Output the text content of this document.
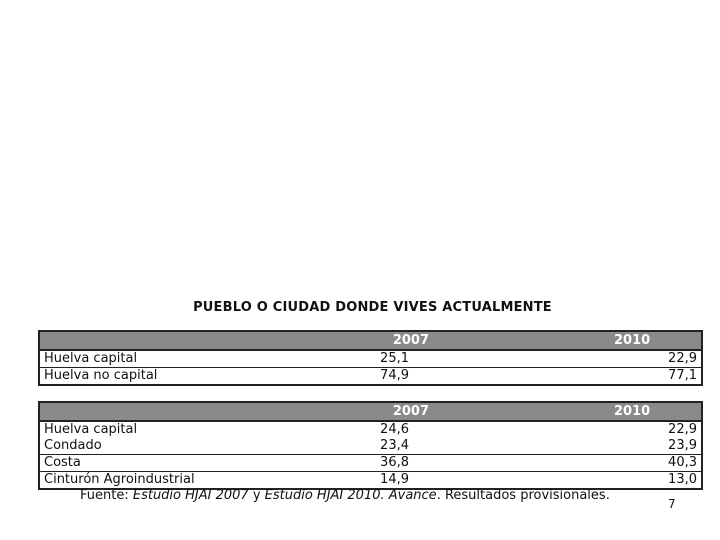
PUEBLO O CIUDAD DONDE VIVES ACTUALMENTE
	2007	2010
Huelva capital	25,1	22,9
Huelva no capital	74,9	77,1
	2007	2010
Huelva capital	24,6	22,9
Condado	23,4	23,9
Costa	36,8	40,3
Cinturón Agroindustrial	14,9	13,0
Fuente: Estudio HJAI 2007 y Estudio HJAI 2010. Avance. Resultados provisionales.
7
